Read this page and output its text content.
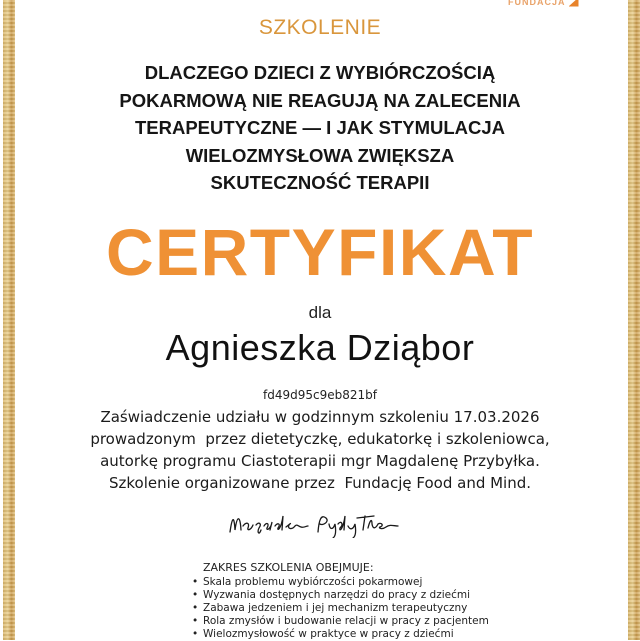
FUNDACJA
SZKOLENIE
DLACZEGO DZIECI Z WYBIÓRCZOŚCIĄ
POKARMOWĄ NIE REAGUJĄ NA ZALECENIA
TERAPEUTYCZNE — I JAK STYMULACJA
WIELOZMYSŁOWA ZWIĘKSZA
SKUTECZNOŚĆ TERAPII
CERTYFIKAT
dla
Agnieszka Dziąbor
fd49d95c9eb821bf
Zaświadczenie udziału w godzinnym szkoleniu 17.03.2026
prowadzonym  przez dietetyczkę, edukatorkę i szkoleniowca,
autorkę programu Ciastoterapii mgr Magdalenę Przybyłka.
Szkolenie organizowane przez  Fundację Food and Mind.
ZAKRES SZKOLENIA OBEJMUJE:
• Skala problemu wybiórczości pokarmowej
• Wyzwania dostępnych narzędzi do pracy z dziećmi
• Zabawa jedzeniem i jej mechanizm terapeutyczny
• Rola zmysłów i budowanie relacji w pracy z pacjentem
• Wielozmysłowość w praktyce w pracy z dziećmi
